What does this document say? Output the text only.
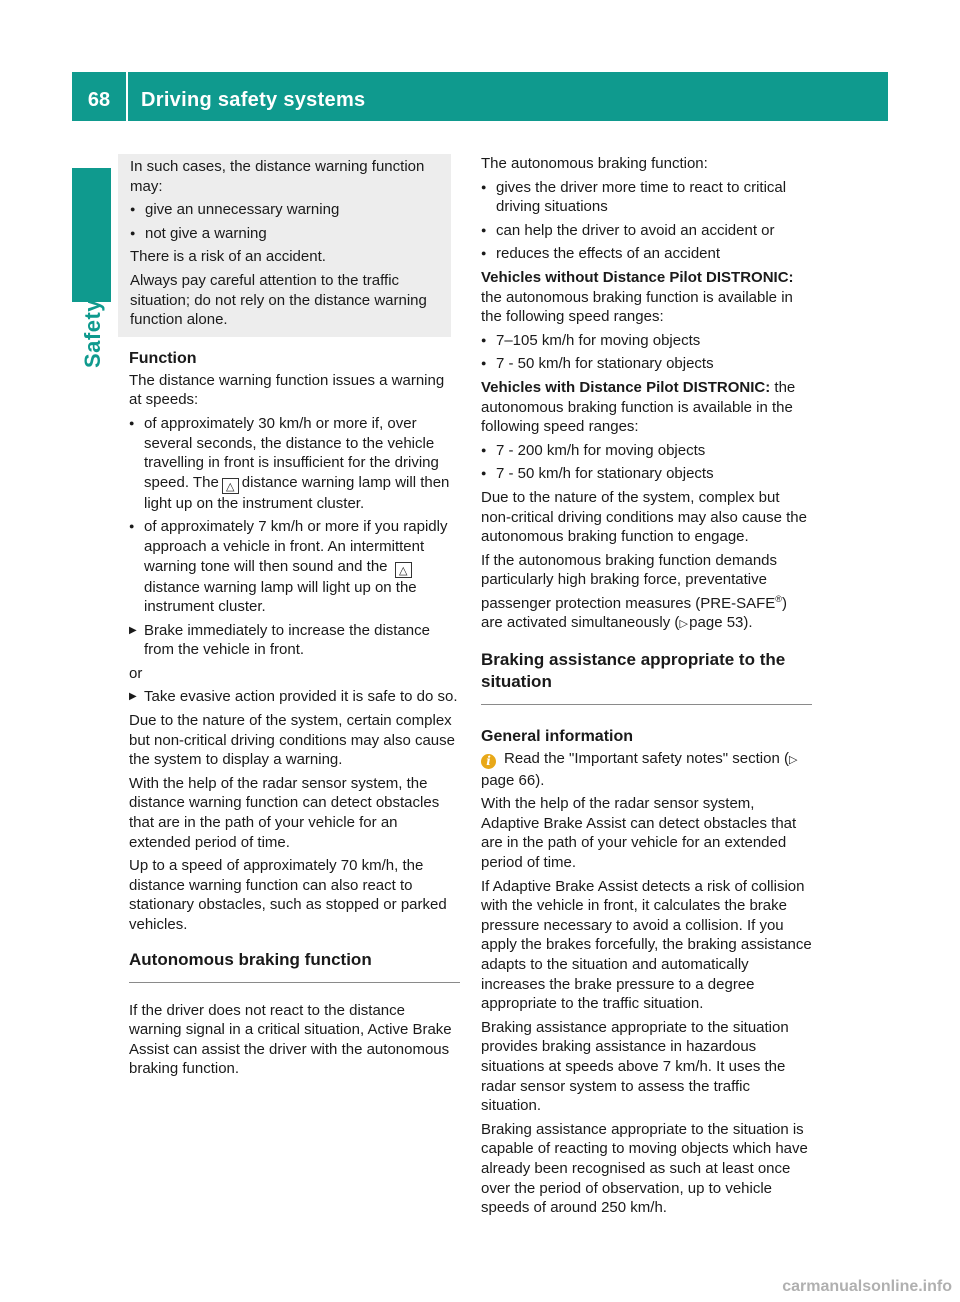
68	Driving safety systems
Safety

In such cases, the distance warning function may:

● give an unnecessary warning
● not give a warning

There is a risk of an accident.

Always pay careful attention to the traffic situation; do not rely on the distance warning function alone.

Function

The distance warning function issues a warning at speeds:

● of approximately 30 km/h or more if, over several seconds, the distance to the vehicle travelling in front is insufficient for the driving speed. The △ distance warning lamp will then light up on the instrument cluster.
● of approximately 7 km/h or more if you rapidly approach a vehicle in front. An intermittent warning tone will then sound and the △distance warning lamp will light up on the instrument cluster.
▶ Brake immediately to increase the distance from the vehicle in front.

or

▶ Take evasive action provided it is safe to do so.

Due to the nature of the system, certain complex but non-critical driving conditions may also cause the system to display a warning.

With the help of the radar sensor system, the distance warning function can detect obstacles that are in the path of your vehicle for an extended period of time.

Up to a speed of approximately 70 km/h, the distance warning function can also react to stationary obstacles, such as stopped or parked vehicles.

Autonomous braking function

If the driver does not react to the distance warning signal in a critical situation, Active Brake Assist can assist the driver with the autonomous braking function.

The autonomous braking function:

● gives the driver more time to react to critical driving situations
● can help the driver to avoid an accident or
● reduces the effects of an accident

Vehicles without Distance Pilot DISTRONIC: the autonomous braking function is available in the following speed ranges:

● 7–105 km/h for moving objects
● 7 - 50 km/h for stationary objects

Vehicles with Distance Pilot DISTRONIC: the autonomous braking function is available in the following speed ranges:

● 7 - 200 km/h for moving objects
● 7 - 50 km/h for stationary objects

Due to the nature of the system, complex but non-critical driving conditions may also cause the autonomous braking function to engage.

If the autonomous braking function demands particularly high braking force, preventative passenger protection measures (PRE-SAFE®) are activated simultaneously (▷ page 53).

Braking assistance appropriate to the situation
General information

i Read the "Important safety notes" section (▷ page 66).

With the help of the radar sensor system, Adaptive Brake Assist can detect obstacles that are in the path of your vehicle for an extended period of time.

If Adaptive Brake Assist detects a risk of collision with the vehicle in front, it calculates the brake pressure necessary to avoid a collision. If you apply the brakes forcefully, the braking assistance adapts to the situation and automatically increases the brake pressure to a degree appropriate to the traffic situation.

Braking assistance appropriate to the situation provides braking assistance in hazardous situations at speeds above 7 km/h. It uses the radar sensor system to assess the traffic situation.

Braking assistance appropriate to the situation is capable of reacting to moving objects which have already been recognised as such at least once over the period of observation, up to vehicle speeds of around 250 km/h.

carmanualsonline.info
